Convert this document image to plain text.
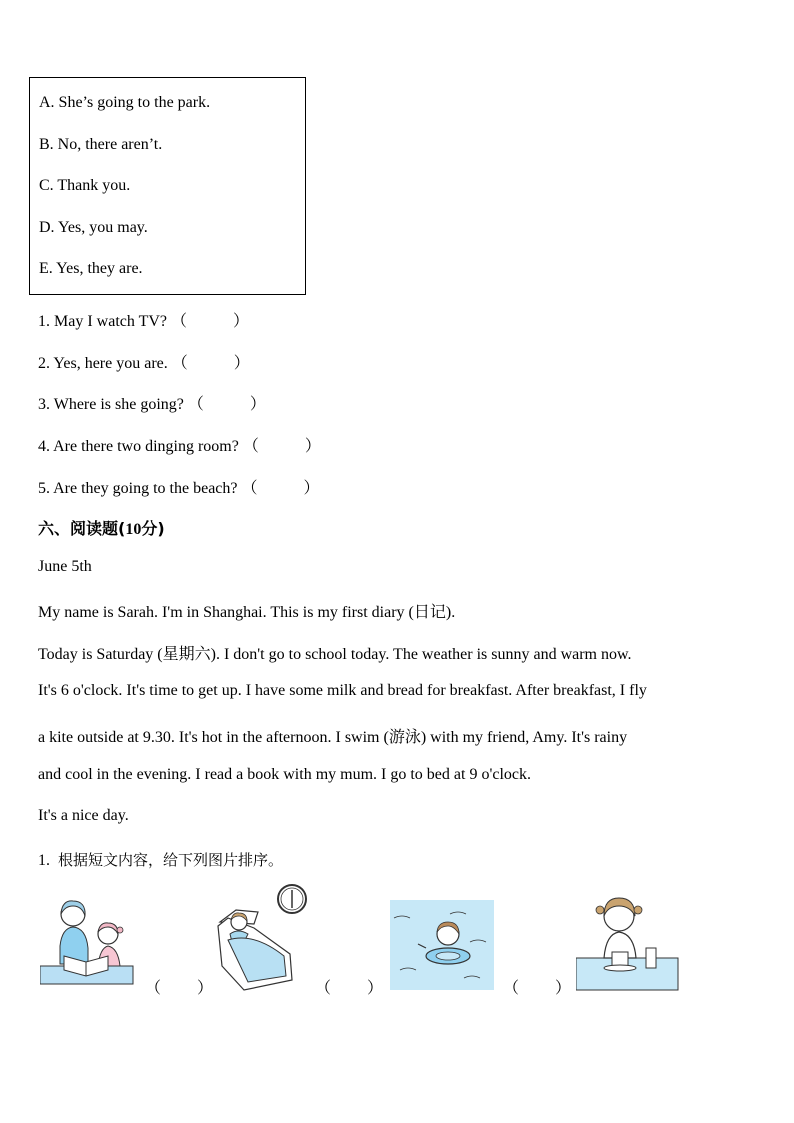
A. She’s going to the park.
B. No, there aren’t.
C. Thank you.
D. Yes, you may.
E. Yes, they are.
1. May I watch TV? （	）
2. Yes, here you are. （	）
3. Where is she going? （	）
4. Are there two dinging room? （	）
5. Are they going to the beach? （	）
六、阅读题(10分)
June 5th
My name is Sarah. I'm in Shanghai. This is my first diary (日记).
Today is Saturday (星期六). I don't go to school today. The weather is sunny and warm now.
It's 6 o'clock. It's time to get up. I have some milk and bread for breakfast. After breakfast, I fly
a kite outside at 9.30. It's hot in the afternoon. I swim (游泳) with my friend, Amy. It's rainy
and cool in the evening. I read a book with my mum. I go to bed at 9 o'clock.
It's a nice day.
1. 根据短文内容，给下列图片排序。
（ ）	（ ）	（ ）
